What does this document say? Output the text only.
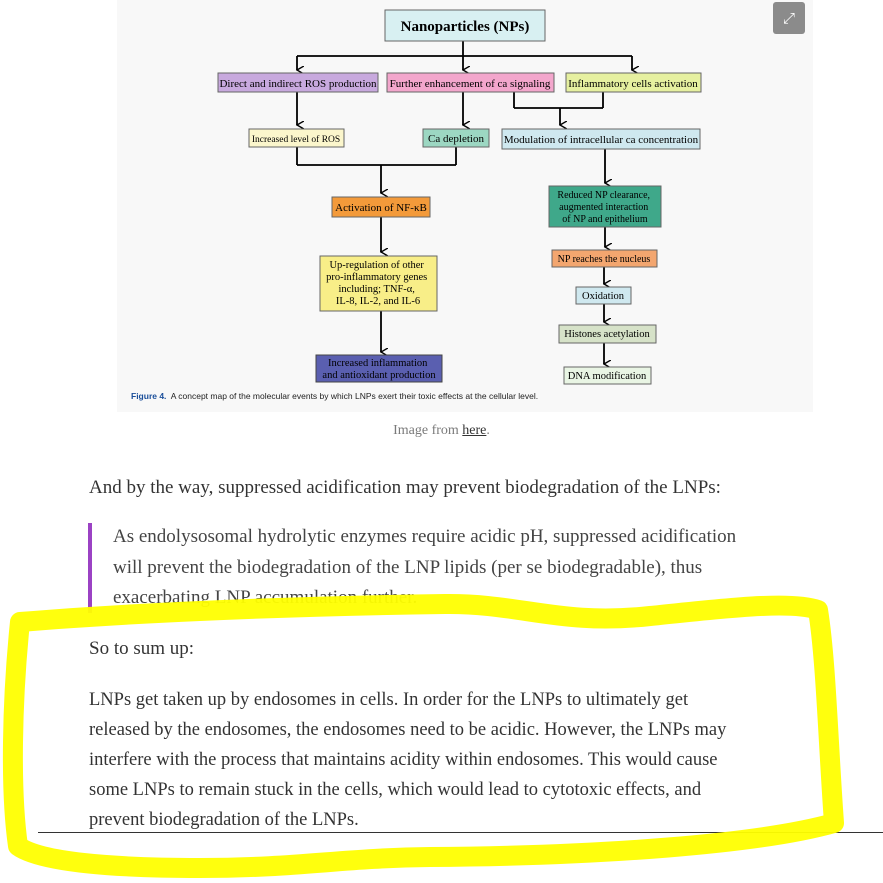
Nanoparticles (NPs)
Direct and indirect ROS production Further enhancement of ca signaling Inflammatory cells activation
Increased level of ROS	Ca depletion Modulation of intracellular ca concentration
Activation of NF-κB
Up-regulation of other pro-inflammatory genes including; TNF-α, IL-8, IL-2, and IL-6
Increased inflammation and antioxidant production
Reduced NP clearance, augmented interaction of NP and epithelium
NP reaches the nucleus
Oxidation
Histones acetylation
DNA modification
⤢
Figure 4. A concept map of the molecular events by which LNPs exert their toxic effects at the cellular level.
Image from here.
And by the way, suppressed acidification may prevent biodegradation of the LNPs:
As endolysosomal hydrolytic enzymes require acidic pH, suppressed acidification
will prevent the biodegradation of the LNP lipids (per se biodegradable), thus
exacerbating LNP accumulation further.
So to sum up:
LNPs get taken up by endosomes in cells. In order for the LNPs to ultimately get
released by the endosomes, the endosomes need to be acidic. However, the LNPs may
interfere with the process that maintains acidity within endosomes. This would cause
some LNPs to remain stuck in the cells, which would lead to cytotoxic effects, and
prevent biodegradation of the LNPs.
